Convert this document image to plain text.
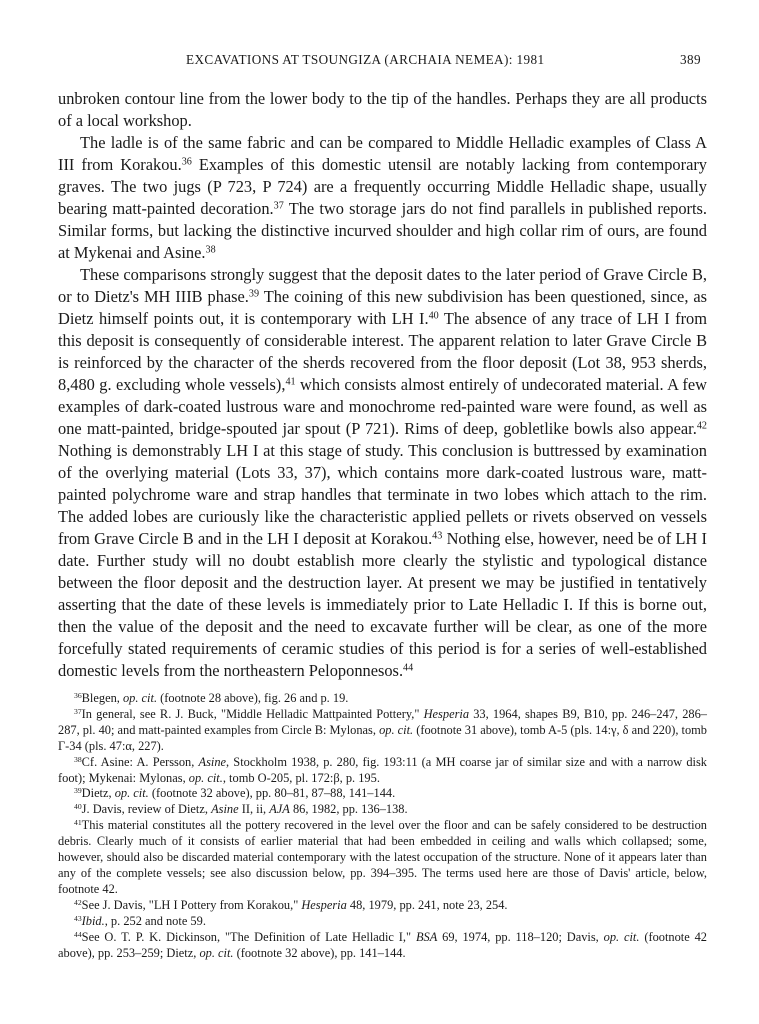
EXCAVATIONS AT TSOUNGIZA (ARCHAIA NEMEA): 1981	389

unbroken contour line from the lower body to the tip of the handles. Perhaps they are all products of a local workshop.

The ladle is of the same fabric and can be compared to Middle Helladic examples of Class A III from Korakou.$^{36}$ Examples of this domestic utensil are notably lacking from contemporary graves. The two jugs (P 723, P 724) are a frequently occurring Middle Helladic shape, usually bearing matt-painted decoration.$^{37}$ The two storage jars do not find parallels in published reports. Similar forms, but lacking the distinctive incurved shoulder and high collar rim of ours, are found at Mykenai and Asine.$^{38}$

These comparisons strongly suggest that the deposit dates to the later period of Grave Circle B, or to Dietz's MH IIIB phase.$^{39}$ The coining of this new subdivision has been questioned, since, as Dietz himself points out, it is contemporary with LH I.$^{40}$ The absence of any trace of LH I from this deposit is consequently of considerable interest. The apparent relation to later Grave Circle B is reinforced by the character of the sherds recovered from the floor deposit (Lot 38, 953 sherds, 8,480 g. excluding whole vessels),$^{41}$ which consists almost entirely of undecorated material. A few examples of dark-coated lustrous ware and monochrome red-painted ware were found, as well as one matt-painted, bridge-spouted jar spout (P 721). Rims of deep, gobletlike bowls also appear.$^{42}$ Nothing is demonstrably LH I at this stage of study. This conclusion is buttressed by examination of the overlying material (Lots 33, 37), which contains more dark-coated lustrous ware, matt-painted polychrome ware and strap handles that terminate in two lobes which attach to the rim. The added lobes are curiously like the characteristic applied pellets or rivets observed on vessels from Grave Circle B and in the LH I deposit at Korakou.$^{43}$ Nothing else, however, need be of LH I date. Further study will no doubt establish more clearly the stylistic and typological distance between the floor deposit and the destruction layer. At present we may be justified in tentatively asserting that the date of these levels is immediately prior to Late Helladic I. If this is borne out, then the value of the deposit and the need to excavate further will be clear, as one of the more forcefully stated requirements of ceramic studies of this period is for a series of well-established domestic levels from the northeastern Peloponnesos.$^{44}$

$^{36}$Blegen, op. cit. (footnote 28 above), fig. 26 and p. 19.

$^{37}$In general, see R. J. Buck, "Middle Helladic Mattpainted Pottery," Hesperia 33, 1964, shapes B9, B10, pp. 246–247, 286–287, pl. 40; and matt-painted examples from Circle B: Mylonas, op. cit. (footnote 31 above), tomb A-5 (pls. 14:γ, δ and 220), tomb Γ-34 (pls. 47:α, 227).

$^{38}$Cf. Asine: A. Persson, Asine, Stockholm 1938, p. 280, fig. 193:11 (a MH coarse jar of similar size and with a narrow disk foot); Mykenai: Mylonas, op. cit., tomb O-205, pl. 172:β, p. 195.

$^{39}$Dietz, op. cit. (footnote 32 above), pp. 80–81, 87–88, 141–144.

$^{40}$J. Davis, review of Dietz, Asine II, ii, AJA 86, 1982, pp. 136–138.

$^{41}$This material constitutes all the pottery recovered in the level over the floor and can be safely considered to be destruction debris. Clearly much of it consists of earlier material that had been embedded in ceiling and walls which collapsed; some, however, should also be discarded material contemporary with the latest occupation of the structure. None of it appears later than any of the complete vessels; see also discussion below, pp. 394–395. The terms used here are those of Davis' article, below, footnote 42.

$^{42}$See J. Davis, "LH I Pottery from Korakou," Hesperia 48, 1979, pp. 241, note 23, 254.

$^{43}$Ibid., p. 252 and note 59.

$^{44}$See O. T. P. K. Dickinson, "The Definition of Late Helladic I," BSA 69, 1974, pp. 118–120; Davis, op. cit. (footnote 42 above), pp. 253–259; Dietz, op. cit. (footnote 32 above), pp. 141–144.
